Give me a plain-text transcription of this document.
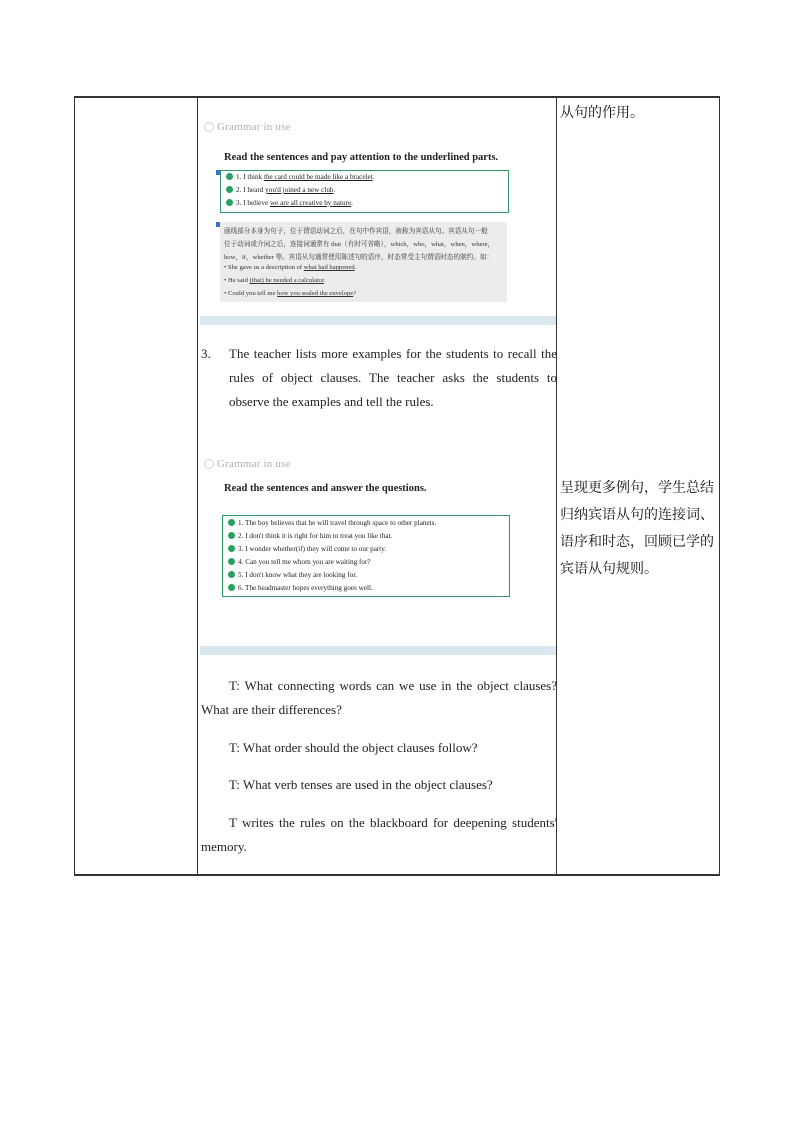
Grammar in use
Read the sentences and pay attention to the underlined parts.
1. I think the card could be made like a bracelet.
2. I heard you'd joined a new club.
3. I believe we are all creative by nature.
画线部分本身为句子，位于谓语动词之后，在句中作宾语，被称为宾语从句。宾语从句一般
位于动词或介词之后，连接词通常有 that（有时可省略），which，who，what，when，where，
how，if，whether 等。宾语从句通常使用陈述句的语序，时态常受主句谓语时态的制约。如：
• She gave us a description of what had happened.
• He said (that) he needed a calculator.
• Could you tell me how you sealed the envelope?
3. The teacher lists more examples for the students to recall the rules of object clauses. The teacher asks the students to observe the examples and tell the rules.
Grammar in use
Read the sentences and answer the questions.
1. The boy believes that he will travel through space to other planets.
2. I don't think it is right for him to treat you like that.
3. I wonder whether(if) they will come to our party.
4. Can you tell me whom you are waiting for?
5. I don't know what they are looking for.
6. The headmaster hopes everything goes well.
T: What connecting words can we use in the object clauses? What are their differences?
T: What order should the object clauses follow?
T: What verb tenses are used in the object clauses?
T writes the rules on the blackboard for deepening students' memory.
从句的作用。
呈现更多例句，学生总结归纳宾语从句的连接词、语序和时态，回顾已学的宾语从句规则。
